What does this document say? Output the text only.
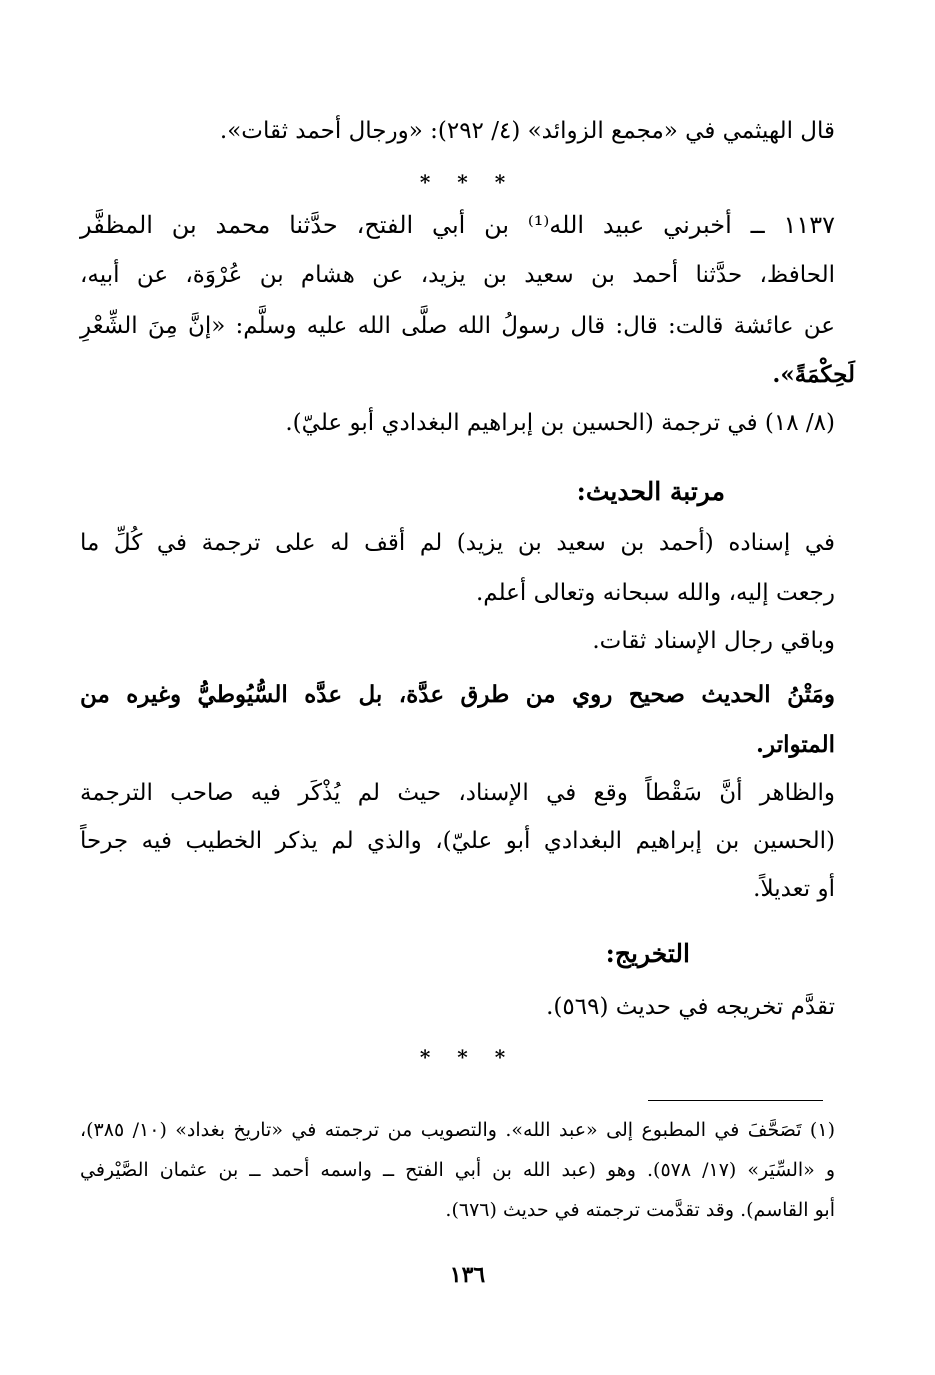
قال الهيثمي في «مجمع الزوائد» (٤/ ٢٩٢): «ورجال أحمد ثقات».
* * *
١١٣٧ ــ أخبرني عبيد الله⁽¹⁾ بن أبي الفتح، حدَّثنا محمد بن المظفَّر
الحافظ، حدَّثنا أحمد بن سعيد بن يزيد، عن هشام بن عُرْوَة، عن أبيه،
عن عائشة قالت: قال: قال رسولُ الله صلَّى الله عليه وسلَّم: «إنَّ مِنَ الشِّعْرِ
لَحِكْمَةً».
(٨/ ١٨) في ترجمة (الحسين بن إبراهيم البغدادي أبو عليّ).
مرتبة الحديث:
في إسناده (أحمد بن سعيد بن يزيد) لم أقف له على ترجمة في كُلِّ ما
رجعت إليه، والله سبحانه وتعالى أعلم.
وباقي رجال الإسناد ثقات.
ومَتْنُ الحديث صحيح روي من طرق عدَّة، بل عدَّه السُّيُوطيُّ وغيره من
المتواتر.
والظاهر أنَّ سَقْطاً وقع في الإسناد، حيث لم يُذْكَر فيه صاحب الترجمة
(الحسين بن إبراهيم البغدادي أبو عليّ)، والذي لم يذكر الخطيب فيه جرحاً
أو تعديلاً.
التخريج:
تقدَّم تخريجه في حديث (٥٦٩).
* * *
(١) تَصَحَّفَ في المطبوع إلى «عبد الله». والتصويب من ترجمته في «تاريخ بغداد» (١٠/ ٣٨٥)،
و «السِّيَر» (١٧/ ٥٧٨). وهو (عبد الله بن أبي الفتح ــ واسمه أحمد ــ بن عثمان الصَّيْرفي
أبو القاسم). وقد تقدَّمت ترجمته في حديث (٦٧٦).
١٣٦
